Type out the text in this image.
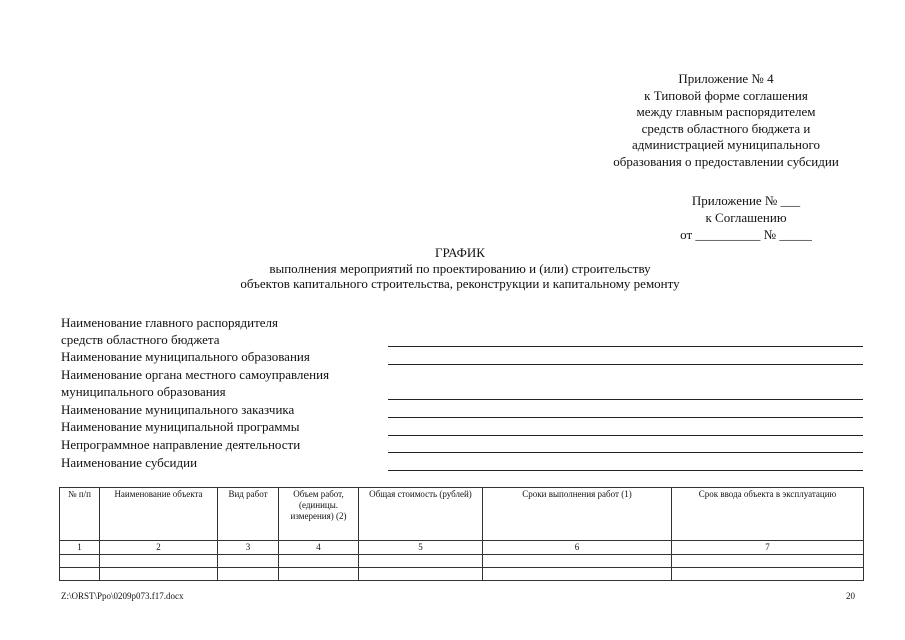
Приложение № 4
к Типовой форме соглашения
между главным распорядителем
средств областного бюджета и
администрацией муниципального
образования о предоставлении субсидии
Приложение № ___
к Соглашению
от __________ № _____
ГРАФИК
выполнения мероприятий по проектированию и (или) строительству
объектов капитального строительства, реконструкции и капитальному ремонту
Наименование главного распорядителя
средств областного бюджета
Наименование муниципального образования
Наименование органа местного самоуправления
муниципального образования
Наименование муниципального заказчика
Наименование муниципальной программы
Непрограммное направление деятельности
Наименование субсидии
№ п/п	Наименование объекта	Вид работ	Объем работ, (единицы. измерения) (2)	Общая стоимость (рублей)	Сроки выполнения работ (1)	Срок ввода объекта в эксплуатацию
1	2	3	4	5	6	7

Z:\ORST\Ppo\0209p073.f17.docx	20
